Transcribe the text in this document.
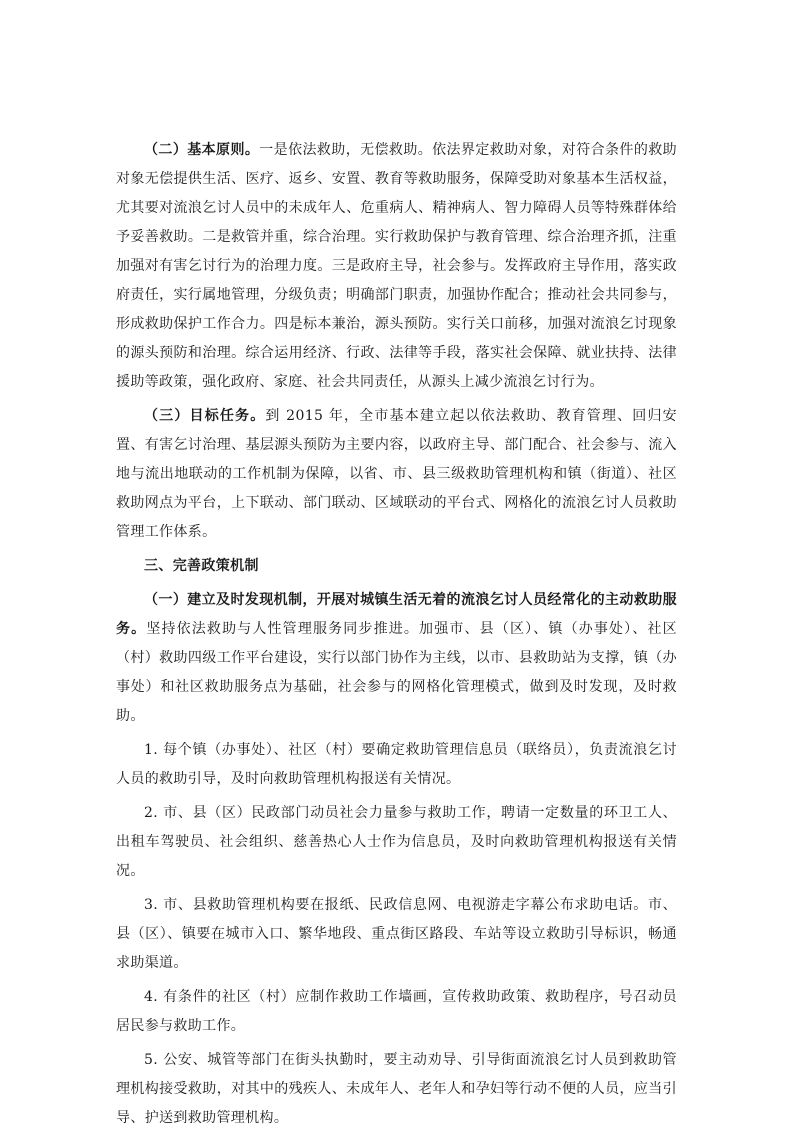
（二）基本原则。一是依法救助，无偿救助。依法界定救助对象，对符合条件的救助对象无偿提供生活、医疗、返乡、安置、教育等救助服务，保障受助对象基本生活权益，尤其要对流浪乞讨人员中的未成年人、危重病人、精神病人、智力障碍人员等特殊群体给予妥善救助。二是救管并重，综合治理。实行救助保护与教育管理、综合治理齐抓，注重加强对有害乞讨行为的治理力度。三是政府主导，社会参与。发挥政府主导作用，落实政府责任，实行属地管理，分级负责；明确部门职责，加强协作配合；推动社会共同参与，形成救助保护工作合力。四是标本兼治，源头预防。实行关口前移，加强对流浪乞讨现象的源头预防和治理。综合运用经济、行政、法律等手段，落实社会保障、就业扶持、法律援助等政策，强化政府、家庭、社会共同责任，从源头上减少流浪乞讨行为。

（三）目标任务。到 2015 年，全市基本建立起以依法救助、教育管理、回归安置、有害乞讨治理、基层源头预防为主要内容，以政府主导、部门配合、社会参与、流入地与流出地联动的工作机制为保障，以省、市、县三级救助管理机构和镇（街道）、社区救助网点为平台，上下联动、部门联动、区域联动的平台式、网格化的流浪乞讨人员救助管理工作体系。

三、完善政策机制

（一）建立及时发现机制，开展对城镇生活无着的流浪乞讨人员经常化的主动救助服务。坚持依法救助与人性管理服务同步推进。加强市、县（区）、镇（办事处）、社区（村）救助四级工作平台建设，实行以部门协作为主线，以市、县救助站为支撑，镇（办事处）和社区救助服务点为基础，社会参与的网格化管理模式，做到及时发现，及时救助。

1. 每个镇（办事处）、社区（村）要确定救助管理信息员（联络员），负责流浪乞讨人员的救助引导，及时向救助管理机构报送有关情况。

2. 市、县（区）民政部门动员社会力量参与救助工作，聘请一定数量的环卫工人、出租车驾驶员、社会组织、慈善热心人士作为信息员，及时向救助管理机构报送有关情况。

3. 市、县救助管理机构要在报纸、民政信息网、电视游走字幕公布求助电话。市、县（区）、镇要在城市入口、繁华地段、重点街区路段、车站等设立救助引导标识，畅通求助渠道。

4. 有条件的社区（村）应制作救助工作墙画，宣传救助政策、救助程序，号召动员居民参与救助工作。

5. 公安、城管等部门在街头执勤时，要主动劝导、引导街面流浪乞讨人员到救助管理机构接受救助，对其中的残疾人、未成年人、老年人和孕妇等行动不便的人员，应当引导、护送到救助管理机构。
